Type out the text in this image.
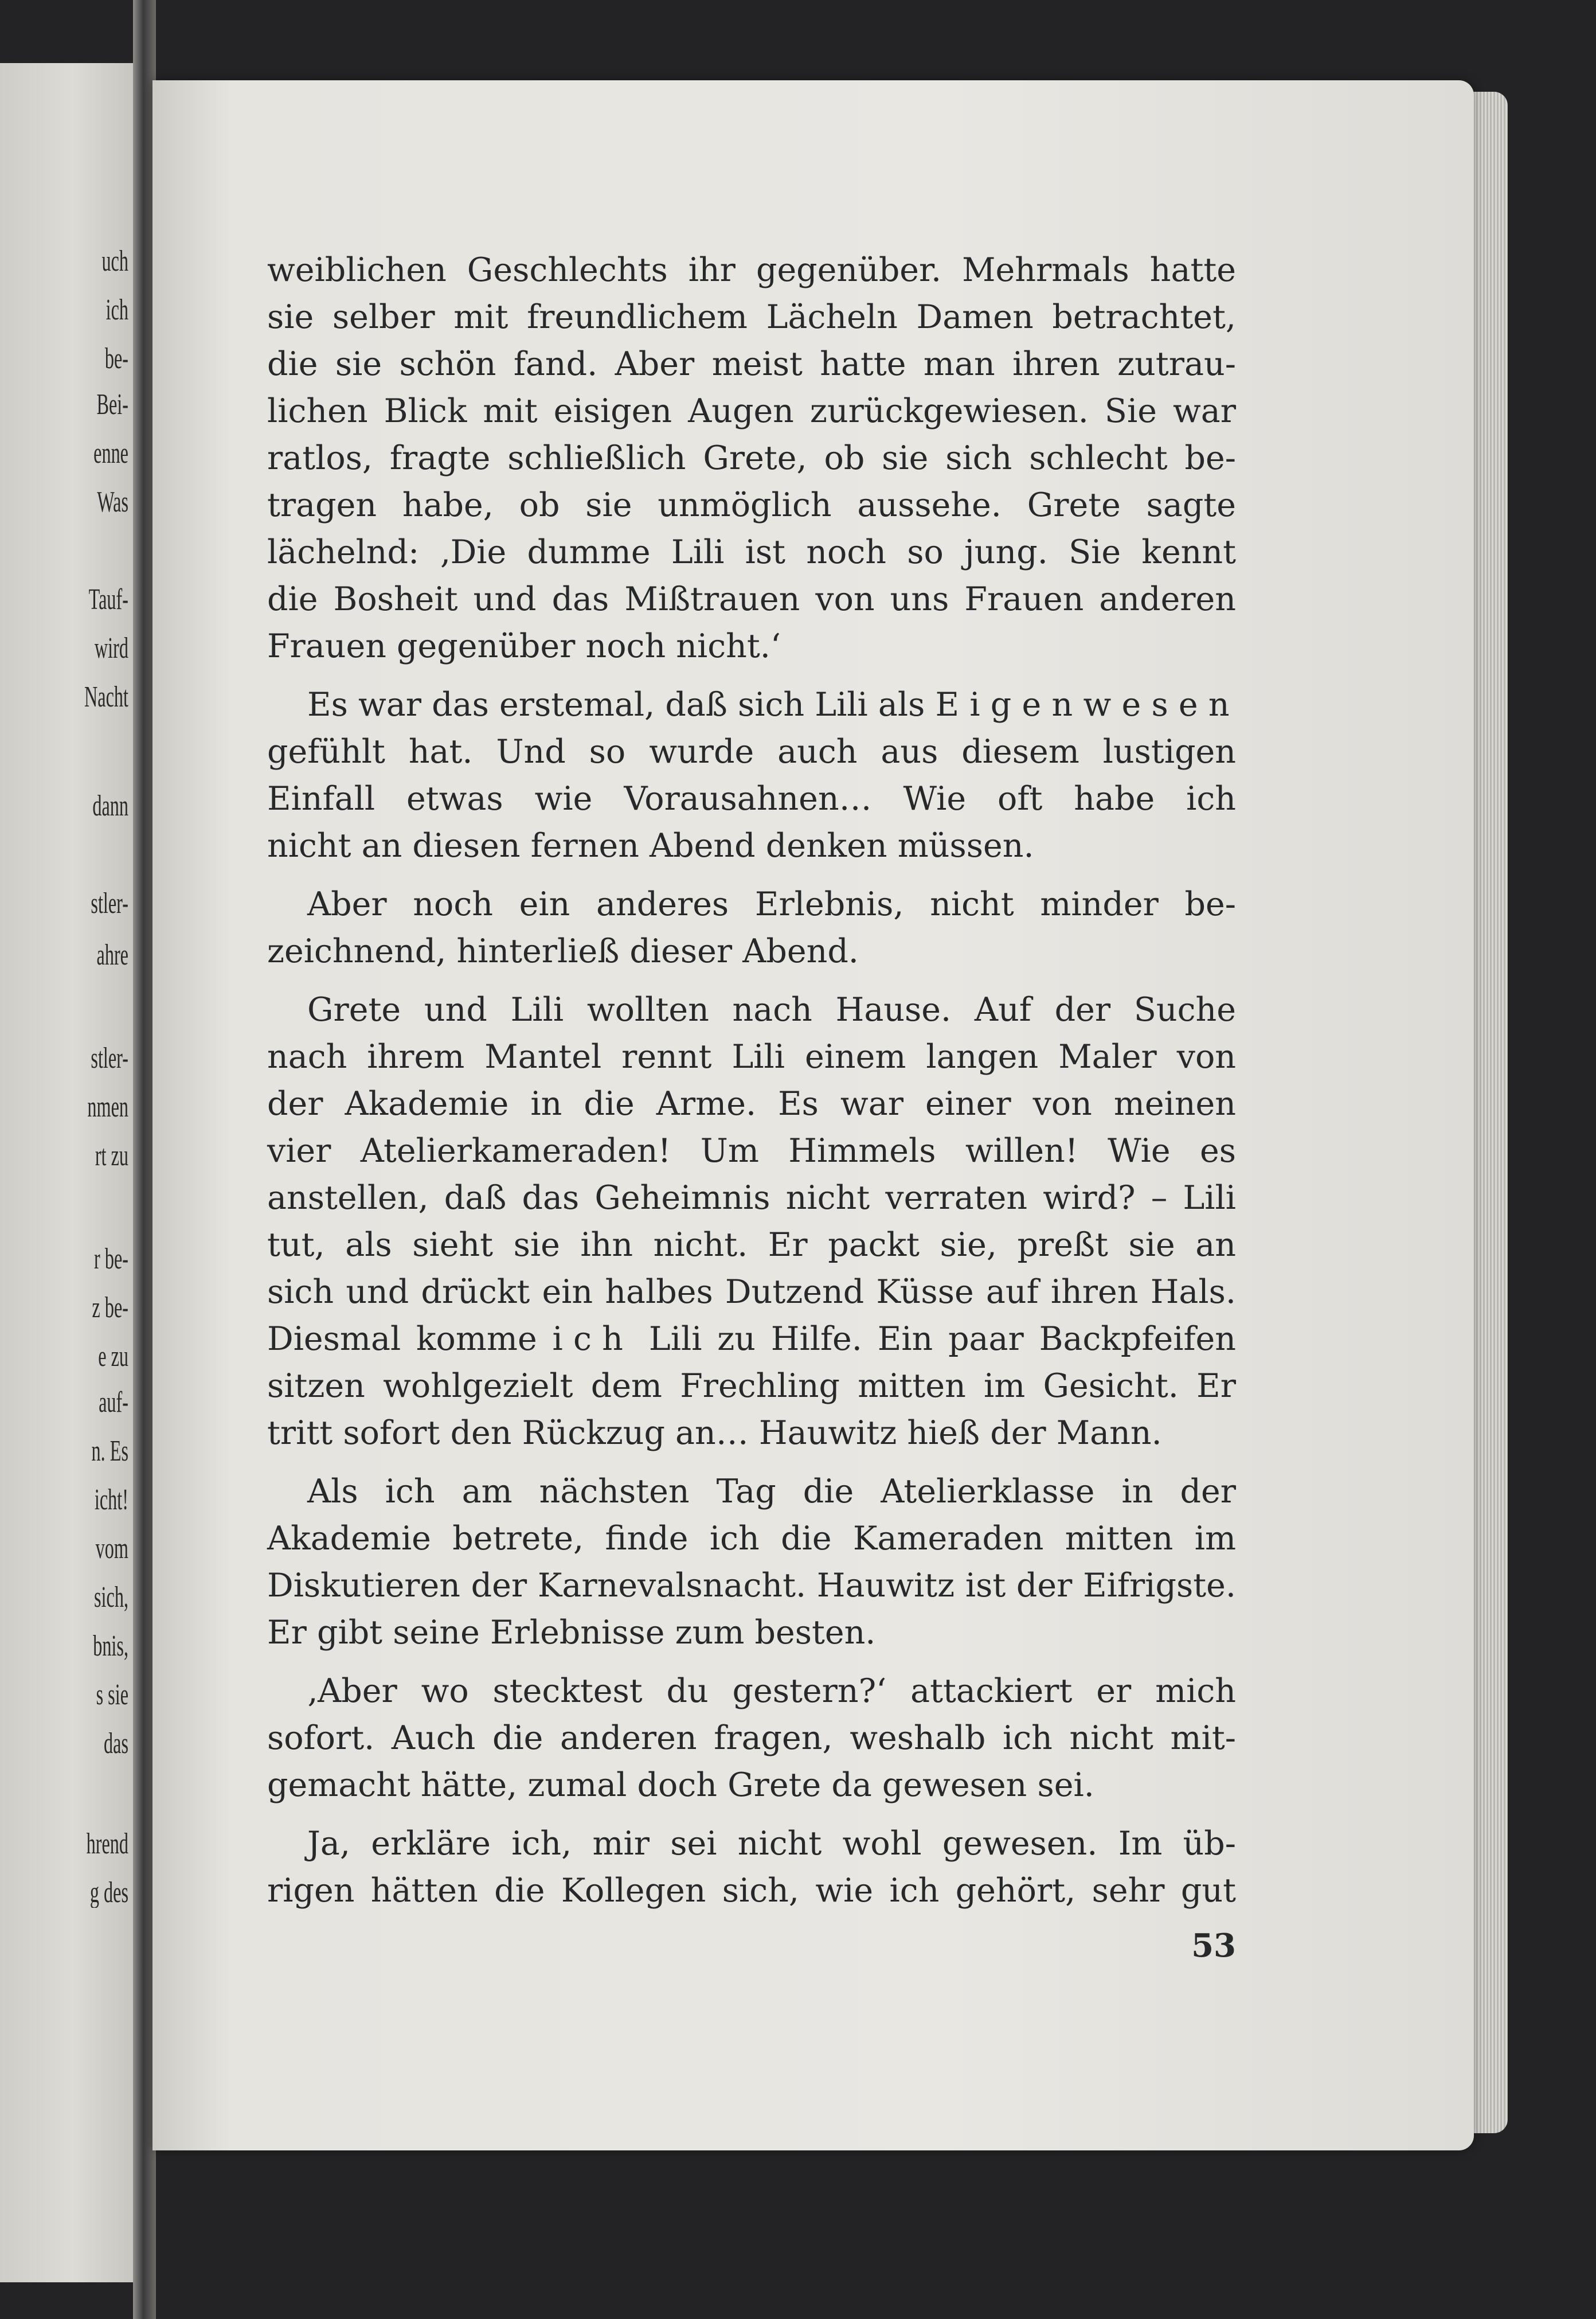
uch
ich
be-
Bei-
enne
Was
Tauf-
wird
Nacht
dann
stler-
ahre
stler-
nmen
rt zu
r be-
z be-
e zu
auf-
n. Es
icht!
vom
sich,
bnis,
s sie
das
hrend
g des
weiblichen Geschlechts ihr gegenüber. Mehrmals hatte
sie selber mit freundlichem Lächeln Damen betrachtet,
die sie schön fand. Aber meist hatte man ihren zutrau-
lichen Blick mit eisigen Augen zurückgewiesen. Sie war
ratlos, fragte schließlich Grete, ob sie sich schlecht be-
tragen habe, ob sie unmöglich aussehe. Grete sagte
lächelnd: ‚Die dumme Lili ist noch so jung. Sie kennt
die Bosheit und das Mißtrauen von uns Frauen anderen
Frauen gegenüber noch nicht.‘
Es war das erstemal, daß sich Lili als Eigenwesen
gefühlt hat. Und so wurde auch aus diesem lustigen
Einfall etwas wie Vorausahnen… Wie oft habe ich
nicht an diesen fernen Abend denken müssen.
Aber noch ein anderes Erlebnis, nicht minder be-
zeichnend, hinterließ dieser Abend.
Grete und Lili wollten nach Hause. Auf der Suche
nach ihrem Mantel rennt Lili einem langen Maler von
der Akademie in die Arme. Es war einer von meinen
vier Atelierkameraden! Um Himmels willen! Wie es
anstellen, daß das Geheimnis nicht verraten wird? – Lili
tut, als sieht sie ihn nicht. Er packt sie, preßt sie an
sich und drückt ein halbes Dutzend Küsse auf ihren Hals.
Diesmal komme ich Lili zu Hilfe. Ein paar Backpfeifen
sitzen wohlgezielt dem Frechling mitten im Gesicht. Er
tritt sofort den Rückzug an… Hauwitz hieß der Mann.
Als ich am nächsten Tag die Atelierklasse in der
Akademie betrete, finde ich die Kameraden mitten im
Diskutieren der Karnevalsnacht. Hauwitz ist der Eifrigste.
Er gibt seine Erlebnisse zum besten.
‚Aber wo stecktest du gestern?‘ attackiert er mich
sofort. Auch die anderen fragen, weshalb ich nicht mit-
gemacht hätte, zumal doch Grete da gewesen sei.
Ja, erkläre ich, mir sei nicht wohl gewesen. Im üb-
rigen hätten die Kollegen sich, wie ich gehört, sehr gut
53
